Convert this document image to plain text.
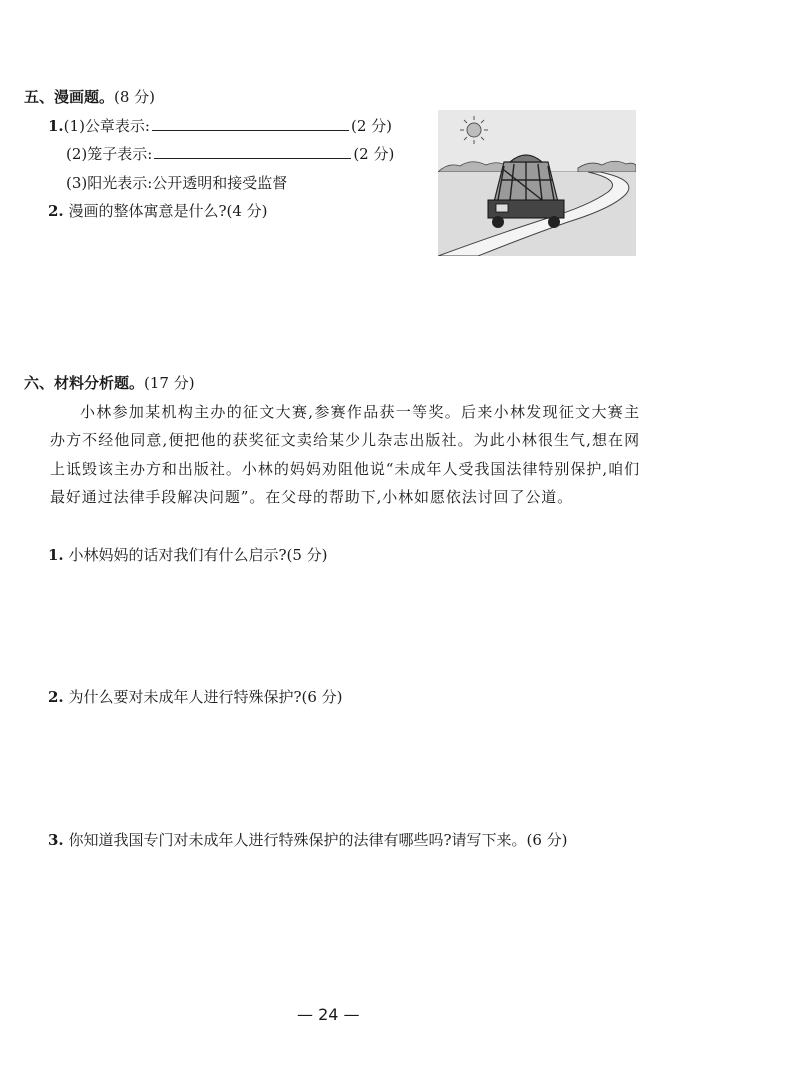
五、漫画题。(8 分)
1.(1)公章表示:	(2 分)
(2)笼子表示:	(2 分)
(3)阳光表示:公开透明和接受监督
2. 漫画的整体寓意是什么?(4 分)
六、材料分析题。(17 分)
小林参加某机构主办的征文大赛,参赛作品获一等奖。后来小林发现征文大赛主办方不经他同意,便把他的获奖征文卖给某少儿杂志出版社。为此小林很生气,想在网上诋毁该主办方和出版社。小林的妈妈劝阻他说“未成年人受我国法律特别保护,咱们最好通过法律手段解决问题”。在父母的帮助下,小林如愿依法讨回了公道。
1. 小林妈妈的话对我们有什么启示?(5 分)
2. 为什么要对未成年人进行特殊保护?(6 分)
3. 你知道我国专门对未成年人进行特殊保护的法律有哪些吗?请写下来。(6 分)
— 24 —
